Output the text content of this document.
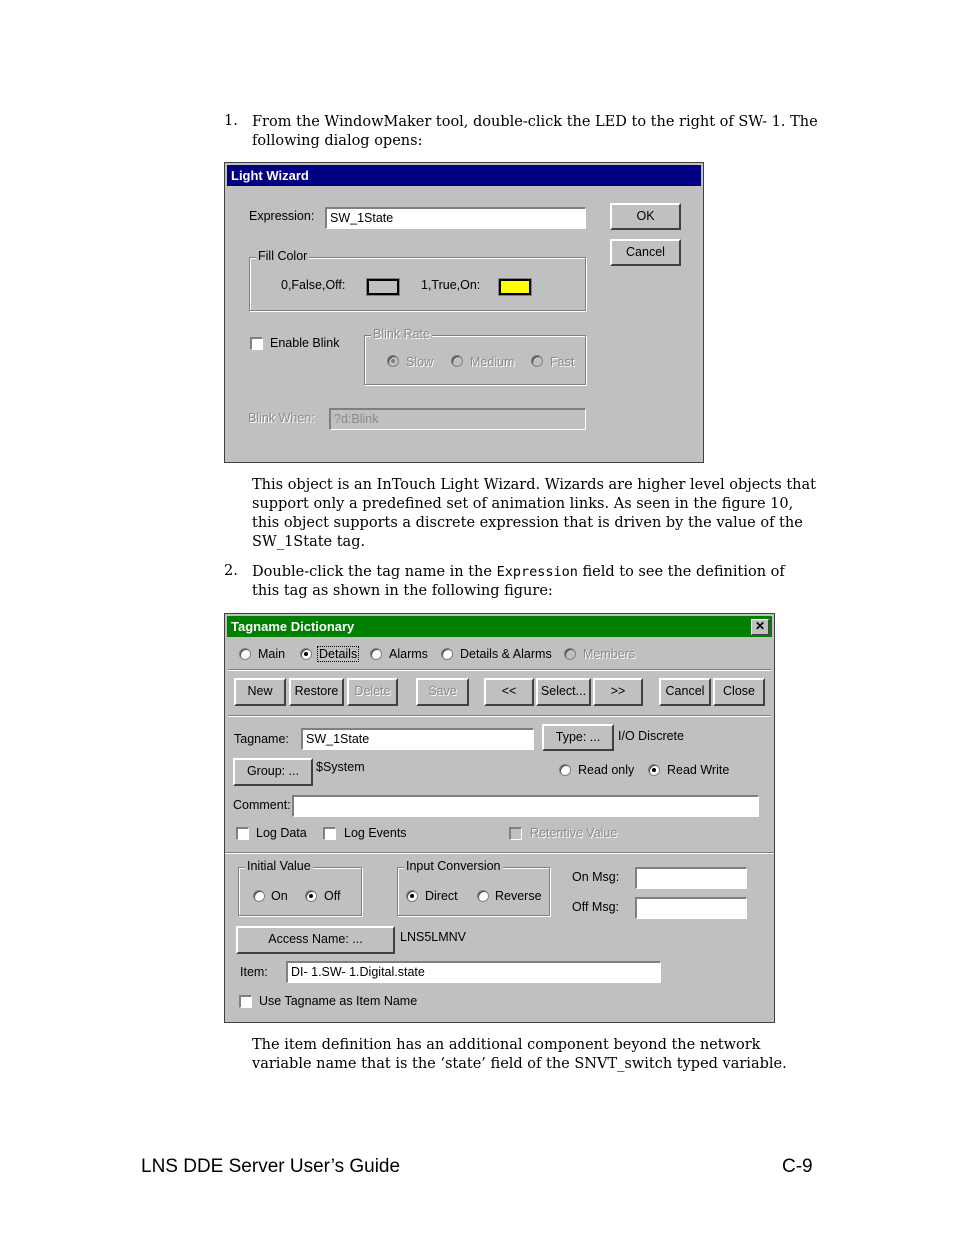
1. From the WindowMaker tool, double-click the LED to the right of SW- 1. The
following dialog opens:
Light Wizard
Expression:	SW_1State	OK
Cancel
Fill Color
0,False,Off:	1,True,On:
Enable Blink
Blink Rate
Slow	Medium	Fast
Blink When:	?d:Blink
This object is an InTouch Light Wizard. Wizards are higher level objects that
support only a predefined set of animation links. As seen in the figure 10,
this object supports a discrete expression that is driven by the value of the
SW_1State tag.
2. Double-click the tag name in the Expression field to see the definition of
this tag as shown in the following figure:
Tagname Dictionary	✕
Main	Details	Alarms	Details & Alarms	Members
New	Restore	Delete	Save	<<	Select...	>>	Cancel	Close
Tagname:	SW_1State	Type: ...	I/O Discrete
Group: ...	$System	Read only	Read Write
Comment:
Log Data	Log Events	Retentive Value
Initial Value
On	Off
Input Conversion
Direct	Reverse
On Msg:
Off Msg:
Access Name: ...	LNS5LMNV
Item:	DI- 1.SW- 1.Digital.state
Use Tagname as Item Name
The item definition has an additional component beyond the network
variable name that is the ‘state’ field of the SNVT_switch typed variable.
LNS DDE Server User’s Guide	C-9
